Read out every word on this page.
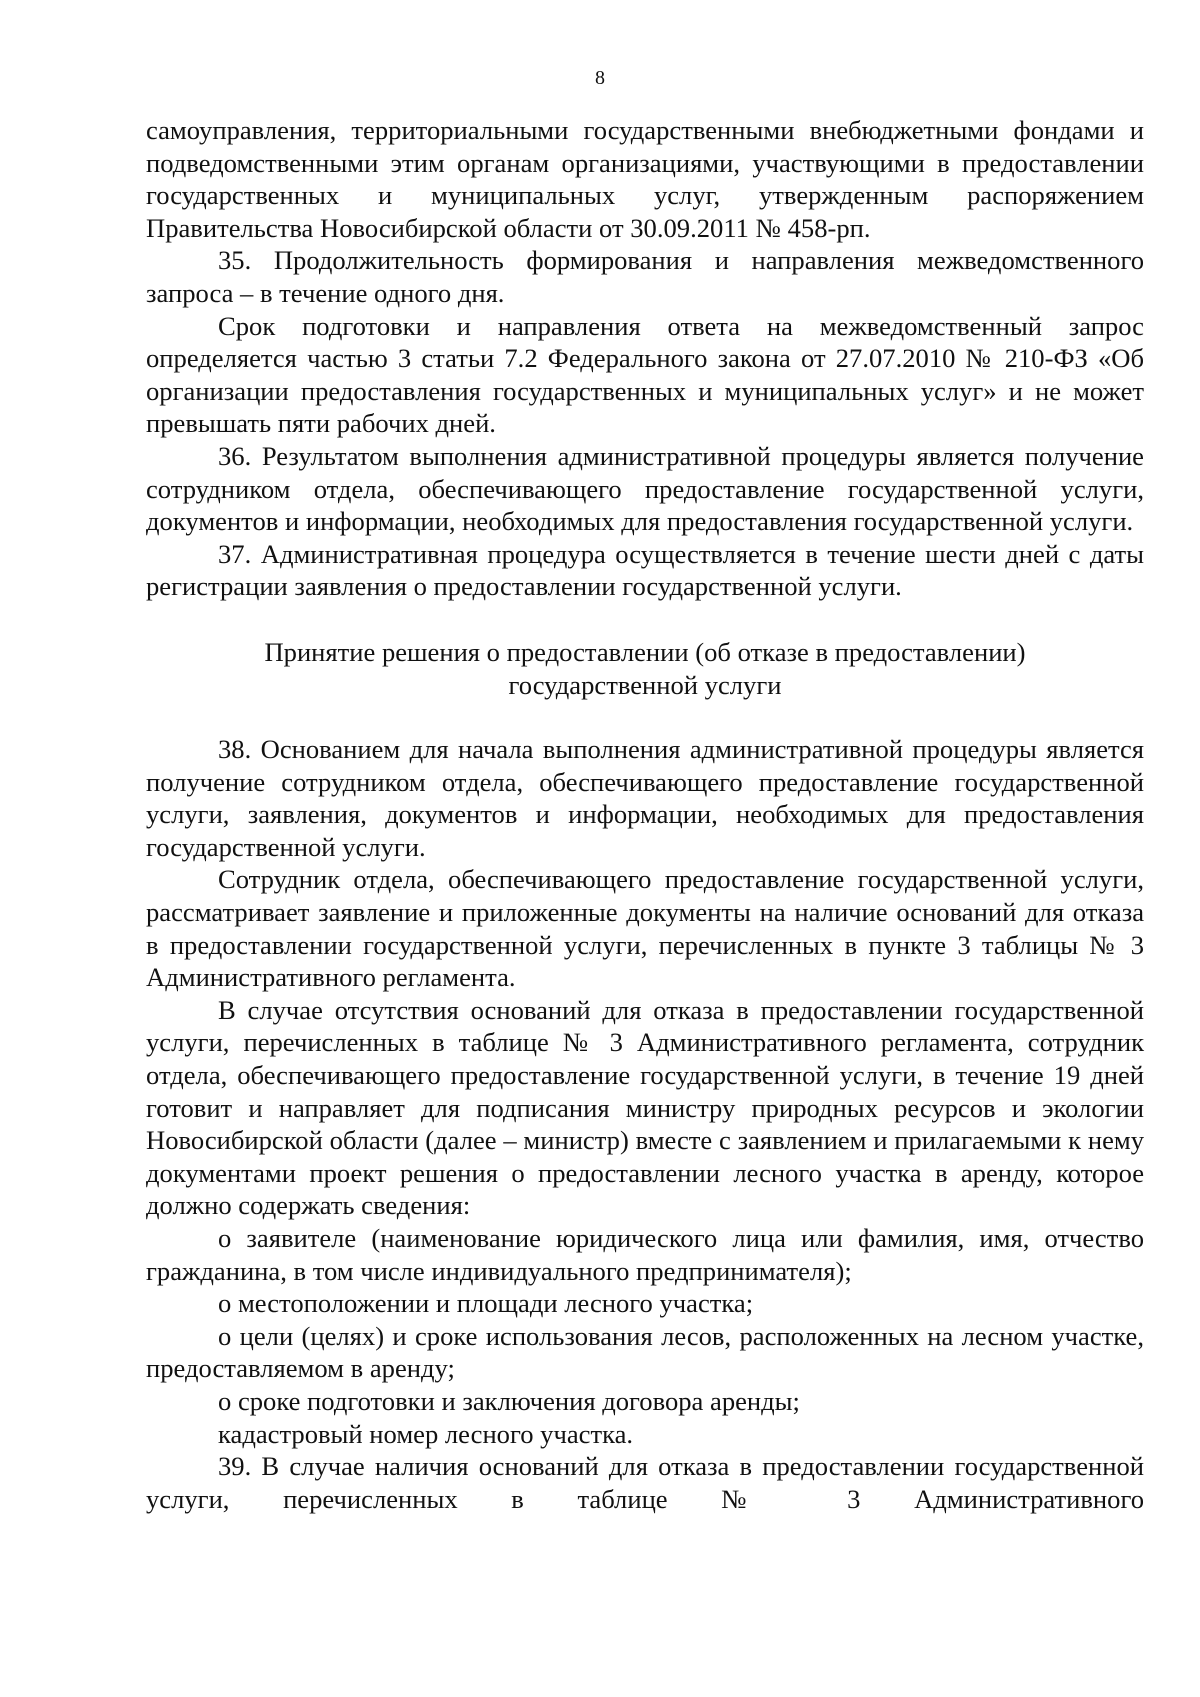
8

самоуправления, территориальными государственными внебюджетными фондами и подведомственными этим органам организациями, участвующими в предоставлении государственных и муниципальных услуг, утвержденным распоряжением Правительства Новосибирской области от 30.09.2011 № 458-рп.

35. Продолжительность формирования и направления межведомственного запроса – в течение одного дня.

Срок подготовки и направления ответа на межведомственный запрос определяется частью 3 статьи 7.2 Федерального закона от 27.07.2010 № 210-ФЗ «Об организации предоставления государственных и муниципальных услуг» и не может превышать пяти рабочих дней.

36. Результатом выполнения административной процедуры является получение сотрудником отдела, обеспечивающего предоставление государственной услуги, документов и информации, необходимых для предоставления государственной услуги.

37. Административная процедура осуществляется в течение шести дней с даты регистрации заявления о предоставлении государственной услуги.

Принятие решения о предоставлении (об отказе в предоставлении)
государственной услуги

38. Основанием для начала выполнения административной процедуры является получение сотрудником отдела, обеспечивающего предоставление государственной услуги, заявления, документов и информации, необходимых для предоставления государственной услуги.

Сотрудник отдела, обеспечивающего предоставление государственной услуги, рассматривает заявление и приложенные документы на наличие оснований для отказа в предоставлении государственной услуги, перечисленных в пункте 3 таблицы № 3 Административного регламента.

В случае отсутствия оснований для отказа в предоставлении государственной услуги, перечисленных в таблице № 3 Административного регламента, сотрудник отдела, обеспечивающего предоставление государственной услуги, в течение 19 дней готовит и направляет для подписания министру природных ресурсов и экологии Новосибирской области (далее – министр) вместе с заявлением и прилагаемыми к нему документами проект решения о предоставлении лесного участка в аренду, которое должно содержать сведения:

о заявителе (наименование юридического лица или фамилия, имя, отчество гражданина, в том числе индивидуального предпринимателя);

о местоположении и площади лесного участка;

о цели (целях) и сроке использования лесов, расположенных на лесном участке, предоставляемом в аренду;

о сроке подготовки и заключения договора аренды;

кадастровый номер лесного участка.

39. В случае наличия оснований для отказа в предоставлении государственной услуги, перечисленных в таблице № 3 Административного
